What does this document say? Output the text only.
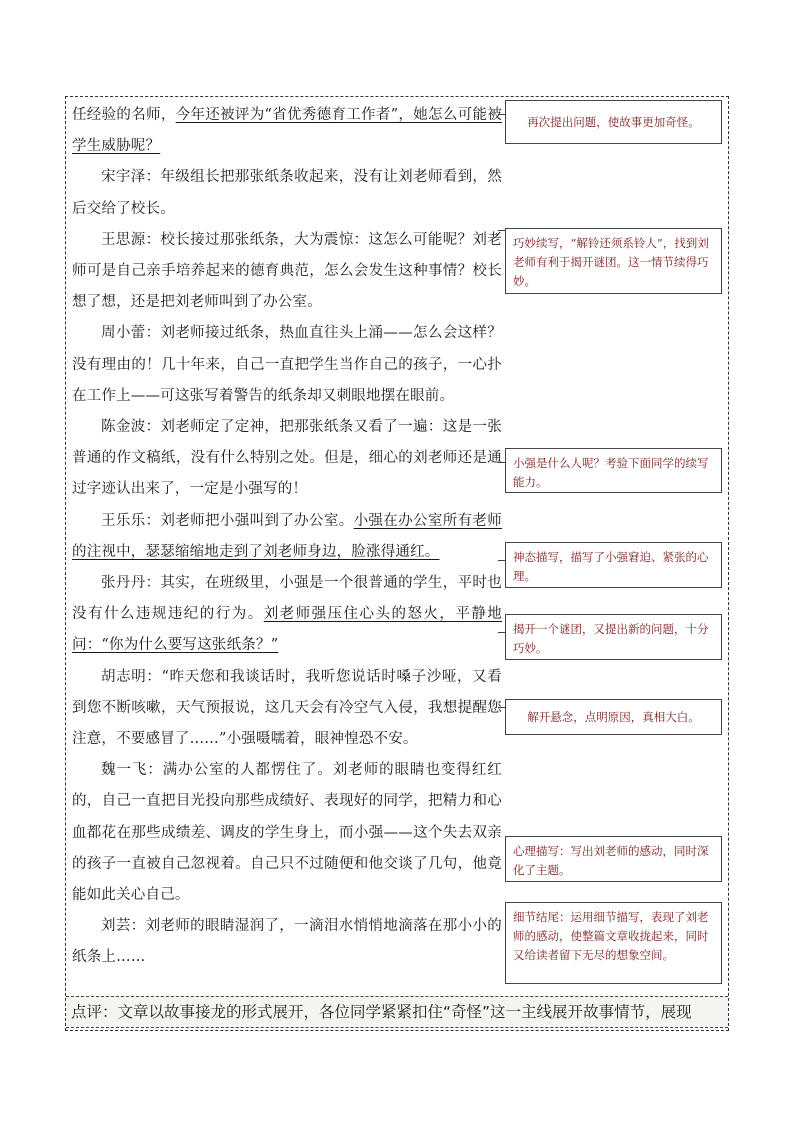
任经验的名师，今年还被评为“省优秀德育工作者”，她怎么可能被学生威胁呢？

宋宇泽：年级组长把那张纸条收起来，没有让刘老师看到，然后交给了校长。

王思源：校长接过那张纸条，大为震惊：这怎么可能呢？刘老师可是自己亲手培养起来的德育典范，怎么会发生这种事情？校长想了想，还是把刘老师叫到了办公室。

周小蕾：刘老师接过纸条，热血直往头上涌——怎么会这样？没有理由的！几十年来，自己一直把学生当作自己的孩子，一心扑在工作上——可这张写着警告的纸条却又刺眼地摆在眼前。

陈金波：刘老师定了定神，把那张纸条又看了一遍：这是一张普通的作文稿纸，没有什么特别之处。但是，细心的刘老师还是通过字迹认出来了，一定是小强写的！

王乐乐：刘老师把小强叫到了办公室。小强在办公室所有老师的注视中，瑟瑟缩缩地走到了刘老师身边，脸涨得通红。

张丹丹：其实，在班级里，小强是一个很普通的学生，平时也没有什么违规违纪的行为。刘老师强压住心头的怒火，平静地问：“你为什么要写这张纸条？”

胡志明：“昨天您和我谈话时，我听您说话时嗓子沙哑，又看到您不断咳嗽，天气预报说，这几天会有冷空气入侵，我想提醒您注意，不要感冒了……”小强嗫嚅着，眼神惶恐不安。

魏一飞：满办公室的人都愣住了。刘老师的眼睛也变得红红的，自己一直把目光投向那些成绩好、表现好的同学，把精力和心血都花在那些成绩差、调皮的学生身上，而小强——这个失去双亲的孩子一直被自己忽视着。自己只不过随便和他交谈了几句，他竟能如此关心自己。

刘芸：刘老师的眼睛湿润了，一滴泪水悄悄地滴落在那小小的纸条上……

再次提出问题，使故事更加奇怪。
巧妙续写，“解铃还须系铃人”，找到刘老师有利于揭开谜团。这一情节续得巧妙。
小强是什么人呢？考验下面同学的续写能力。
神态描写，描写了小强窘迫、紧张的心理。
揭开一个谜团，又提出新的问题，十分巧妙。
解开悬念，点明原因，真相大白。
心理描写：写出刘老师的感动，同时深化了主题。
细节结尾：运用细节描写，表现了刘老师的感动，使整篇文章收拢起来，同时又给读者留下无尽的想象空间。
点评：文章以故事接龙的形式展开，各位同学紧紧扣住“奇怪”这一主线展开故事情节，展现
